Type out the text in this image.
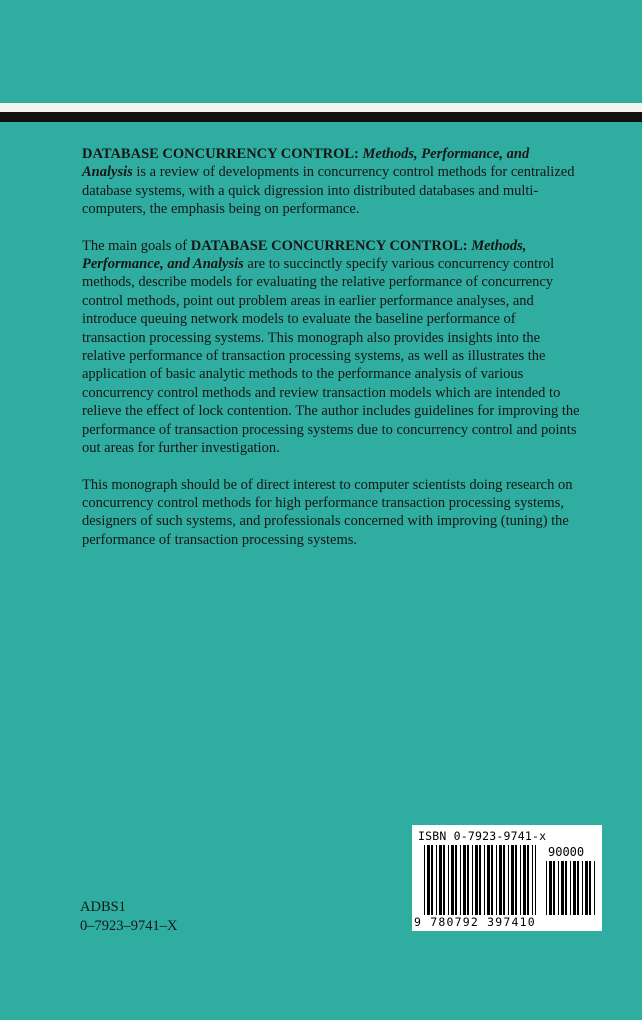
DATABASE CONCURRENCY CONTROL: Methods, Performance, and Analysis is a review of developments in concurrency control methods for centralized database systems, with a quick digression into distributed databases and multi-computers, the emphasis being on performance.

The main goals of DATABASE CONCURRENCY CONTROL: Methods, Performance, and Analysis are to succinctly specify various concurrency control methods, describe models for evaluating the relative performance of concurrency control methods, point out problem areas in earlier performance analyses, and introduce queuing network models to evaluate the baseline performance of transaction processing systems. This monograph also provides insights into the relative performance of transaction processing systems, as well as illustrates the application of basic analytic methods to the performance analysis of various concurrency control methods and review transaction models which are intended to relieve the effect of lock contention. The author includes guidelines for improving the performance of transaction processing systems due to concurrency control and points out areas for further investigation.

This monograph should be of direct interest to computer scientists doing research on concurrency control methods for high performance transaction processing systems, designers of such systems, and professionals concerned with improving (tuning) the performance of transaction processing systems.

ADBS1
0–7923–9741–X
ISBN 0-7923-9741-x
90000
9 780792 397410
